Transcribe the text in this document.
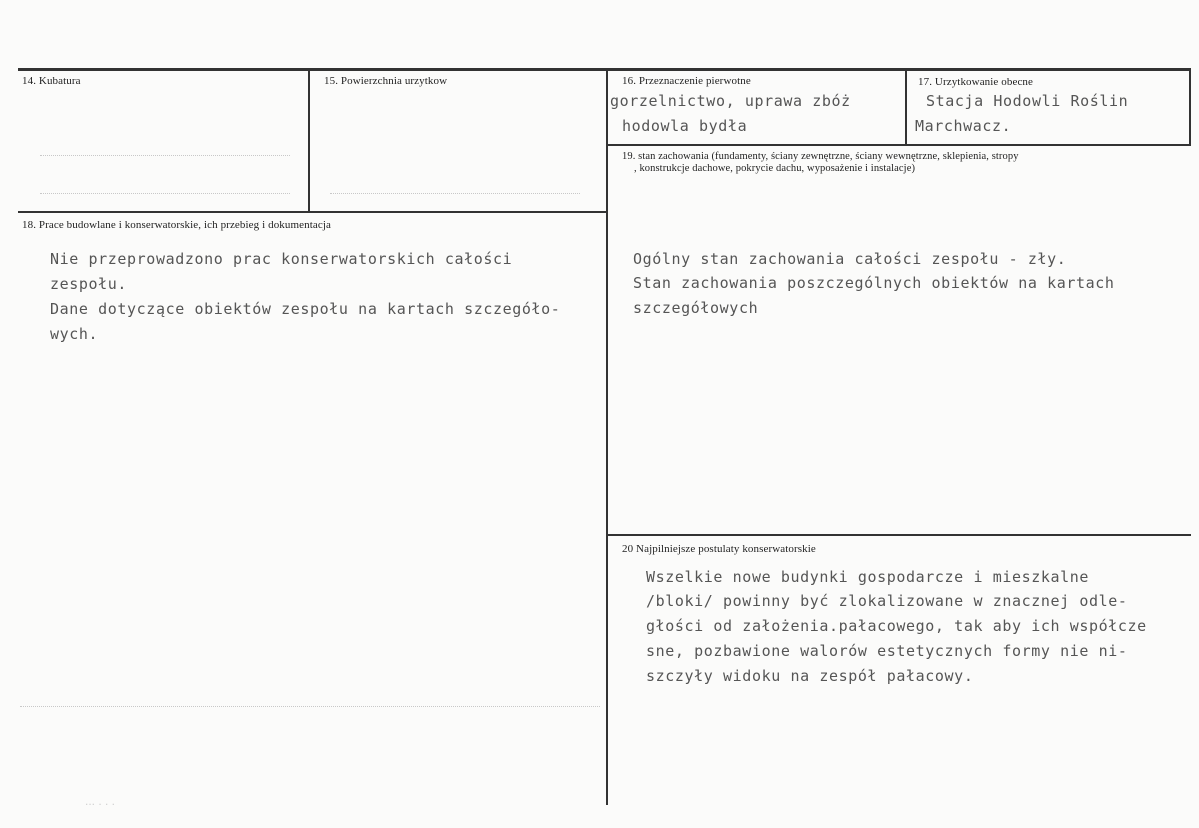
... . . .
14. Kubatura	15. Powierzchnia urzytkow	16. Przeznaczenie pierwotne
gorzelnictwo, uprawa zbóż
hodowla bydła
17. Urzytkowanie obecne
Stacja Hodowli Roślin
Marchwacz.
19. stan zachowania (fundamenty, ściany zewnętrzne, ściany wewnętrzne, sklepienia, stropy
, konstrukcje dachowe, pokrycie dachu, wyposażenie i instalacje)
Ogólny stan zachowania całości zespołu - zły.
Stan zachowania poszczególnych obiektów na kartach
szczegółowych
18. Prace budowlane i konserwatorskie, ich przebieg i dokumentacja
Nie przeprowadzono prac konserwatorskich całości
zespołu.
Dane dotyczące obiektów zespołu na kartach szczegóło-
wych.
20 Najpilniejsze postulaty konserwatorskie
Wszelkie nowe budynki gospodarcze i mieszkalne
/bloki/ powinny być zlokalizowane w znacznej odle-
głości od założenia.pałacowego, tak aby ich współcze
sne, pozbawione walorów estetycznych formy nie ni-
szczyły widoku na zespół pałacowy.
